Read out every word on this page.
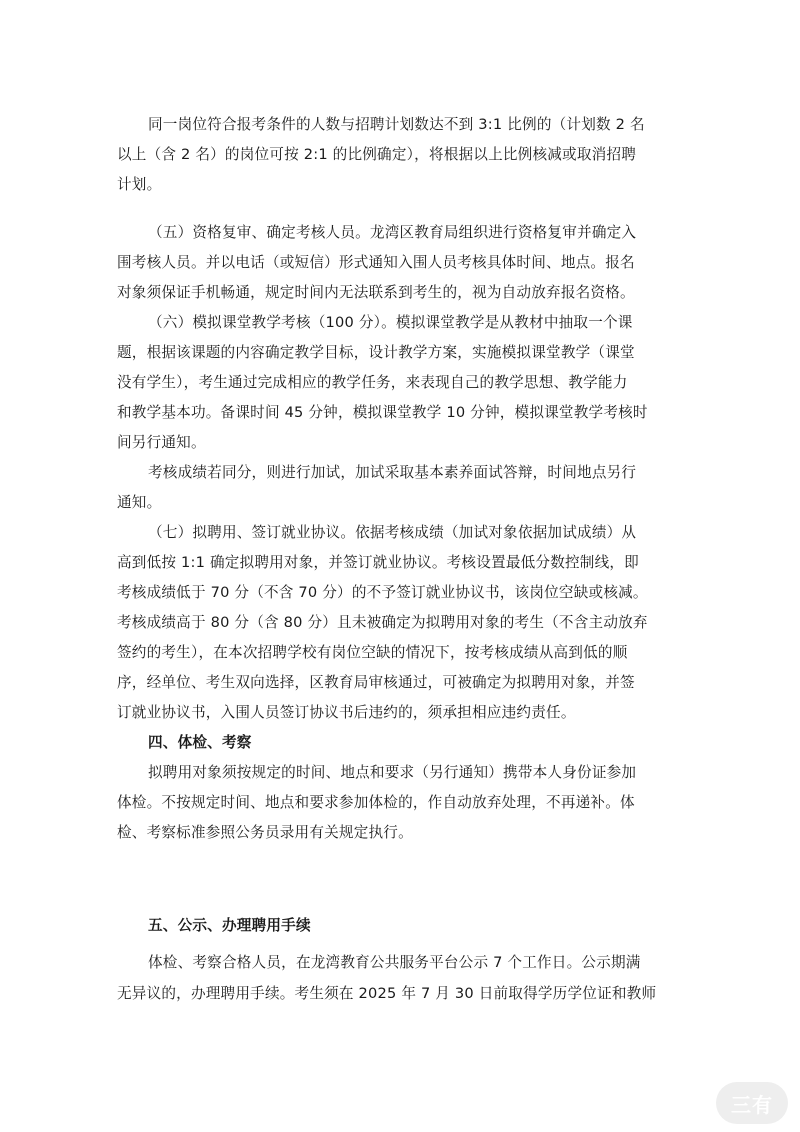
同一岗位符合报考条件的人数与招聘计划数达不到 3:1 比例的（计划数 2 名
以上（含 2 名）的岗位可按 2:1 的比例确定），将根据以上比例核减或取消招聘
计划。
（五）资格复审、确定考核人员。龙湾区教育局组织进行资格复审并确定入
围考核人员。并以电话（或短信）形式通知入围人员考核具体时间、地点。报名
对象须保证手机畅通，规定时间内无法联系到考生的，视为自动放弃报名资格。
（六）模拟课堂教学考核（100 分）。模拟课堂教学是从教材中抽取一个课
题，根据该课题的内容确定教学目标，设计教学方案，实施模拟课堂教学（课堂
没有学生），考生通过完成相应的教学任务，来表现自己的教学思想、教学能力
和教学基本功。备课时间 45 分钟，模拟课堂教学 10 分钟，模拟课堂教学考核时
间另行通知。
考核成绩若同分，则进行加试，加试采取基本素养面试答辩，时间地点另行
通知。
（七）拟聘用、签订就业协议。依据考核成绩（加试对象依据加试成绩）从
高到低按 1:1 确定拟聘用对象，并签订就业协议。考核设置最低分数控制线，即
考核成绩低于 70 分（不含 70 分）的不予签订就业协议书，该岗位空缺或核减。
考核成绩高于 80 分（含 80 分）且未被确定为拟聘用对象的考生（不含主动放弃
签约的考生），在本次招聘学校有岗位空缺的情况下，按考核成绩从高到低的顺
序，经单位、考生双向选择，区教育局审核通过，可被确定为拟聘用对象，并签
订就业协议书，入围人员签订协议书后违约的，须承担相应违约责任。
四、体检、考察
拟聘用对象须按规定的时间、地点和要求（另行通知）携带本人身份证参加
体检。不按规定时间、地点和要求参加体检的，作自动放弃处理，不再递补。体
检、考察标准参照公务员录用有关规定执行。
五、公示、办理聘用手续
体检、考察合格人员，在龙湾教育公共服务平台公示 7 个工作日。公示期满
无异议的，办理聘用手续。考生须在 2025 年 7 月 30 日前取得学历学位证和教师
三有
